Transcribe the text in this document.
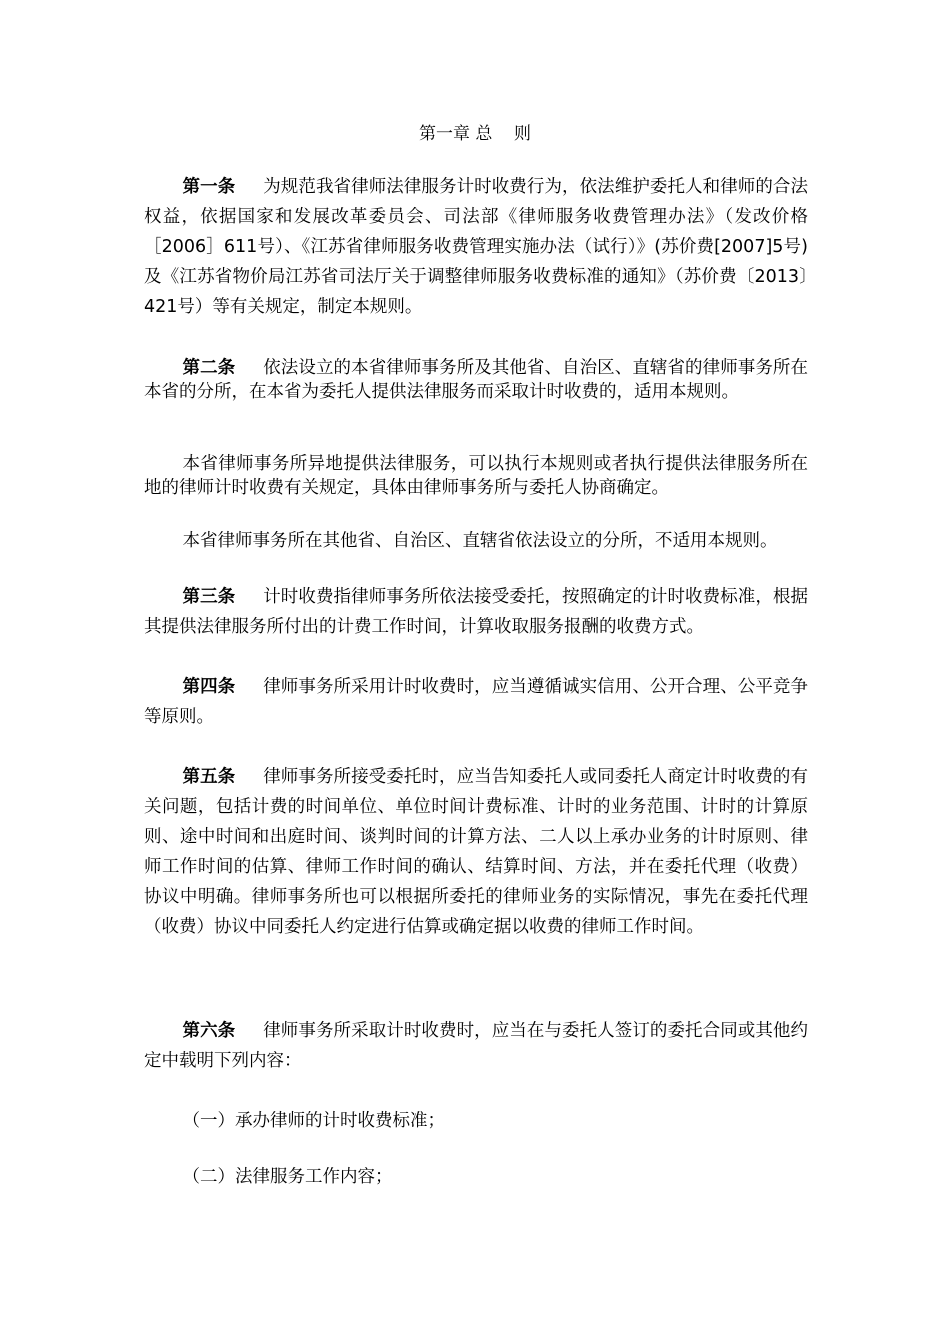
第一章 总    则

第一条 为规范我省律师法律服务计时收费行为，依法维护委托人和律师的合法权益，依据国家和发展改革委员会、司法部《律师服务收费管理办法》（发改价格［2006］611号）、《江苏省律师服务收费管理实施办法（试行）》(苏价费[2007]5号)及《江苏省物价局江苏省司法厅关于调整律师服务收费标准的通知》（苏价费〔2013〕421号）等有关规定，制定本规则。

第二条 依法设立的本省律师事务所及其他省、自治区、直辖省的律师事务所在本省的分所，在本省为委托人提供法律服务而采取计时收费的，适用本规则。

本省律师事务所异地提供法律服务，可以执行本规则或者执行提供法律服务所在地的律师计时收费有关规定，具体由律师事务所与委托人协商确定。

本省律师事务所在其他省、自治区、直辖省依法设立的分所，不适用本规则。

第三条 计时收费指律师事务所依法接受委托，按照确定的计时收费标准，根据其提供法律服务所付出的计费工作时间，计算收取服务报酬的收费方式。

第四条 律师事务所采用计时收费时，应当遵循诚实信用、公开合理、公平竞争等原则。

第五条 律师事务所接受委托时，应当告知委托人或同委托人商定计时收费的有关问题，包括计费的时间单位、单位时间计费标准、计时的业务范围、计时的计算原则、途中时间和出庭时间、谈判时间的计算方法、二人以上承办业务的计时原则、律师工作时间的估算、律师工作时间的确认、结算时间、方法，并在委托代理（收费）协议中明确。律师事务所也可以根据所委托的律师业务的实际情况，事先在委托代理（收费）协议中同委托人约定进行估算或确定据以收费的律师工作时间。

第六条 律师事务所采取计时收费时，应当在与委托人签订的委托合同或其他约定中载明下列内容：

（一）承办律师的计时收费标准；

（二）法律服务工作内容；
